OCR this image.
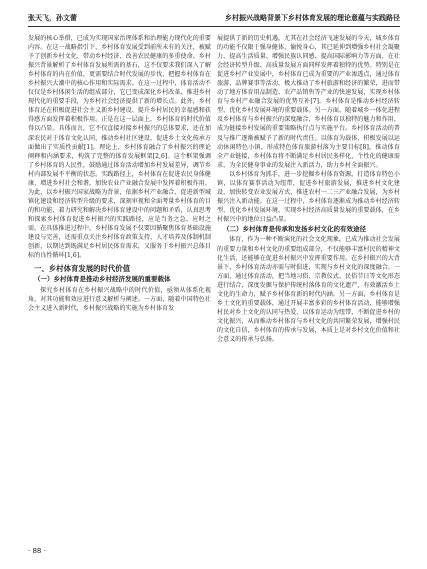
张天飞，孙文蕾	乡村振兴战略背景下乡村体育发展的理论意蕴与实践路径

发展的核心举措，已成为实现国家治理体系和治理能力现代化的重要内容。在这一战略指引下，乡村体育发展受到前所未有的关注，被赋予了创新乡村文化、带动乡村经济、改善农民健康的多重使命。乡村振兴背景解析了乡村体育发展所需的基石，这不仅要求我们深入了解乡村体育的内在价值，更需要结合时代发展的步伐，把握乡村体育在乡村振兴大潮中的核心作用和实际需求。在这一过程中，体育活动不仅仅是乡村体闲生活的组成部分，它已变成深化乡村改革、推进乡村现代化的重要手段，为乡村社会经济提供了新的增长点。此外，乡村体育还在积极促进社会主义新乡村建设、提升乡村居民的幸福感和获得感方面发挥着积极作用。正是在这一层面上，乡村体育的时代价值得以凸显。具体而言，它不仅直接对接乡村振兴的总体要求，还在加深农民对于体育文化认同、推动乡村社区建设、促进乡土文化传承方面做出了实质性贡献[1]。理论上，乡村体育融合了乡村振兴的理论阐释和内涵要求，构筑了完整的体育发展框架[2,6]。这个框架强调了乡村体育的人民性，鼓励通过体育活动增加乡村发展差异，调节乡村内部发展不平衡的状态。实践路径上，乡村体育在促进农民身体健康，增进乡村社会和谐，加快农业产业融合发展中发挥着积极作用。为此，以乡村振兴国家战略为背景，依据乡村产业融合、促进新型城镇化建设和经济转型升级的要求，深刻审视和全面考量乡村体育的目的和功能、着力研究和解决乡村体育建设中的问题和矛盾，认真思考和探索乡村体育促进乡村振兴的实践路径，应是当务之急、应时之需。在具体推进过程中，乡村体育发展不仅要因循聚焦体育基础设施建设与完善，还需重点关注乡村体育政策支持、人才培养及体制机制创新，以期达到既满足乡村居民体育需求，又服务于乡村振兴总体目标的良性循环[1,6]。

一、乡村体育发展的时代价值
（一）乡村体育是推动乡村经济发展的重要载体

探究乡村体育在乡村振兴战略中的时代价值，亟须从体系化视角，对其功能和效应进行意义解析与阐述。一方面，随着中国特色社会主义进入新时代，乡村振兴战略的实施为乡村体育发

展提供了新的历史机遇，尤其在社会经济飞速发展的今天，城乡体育的功能不仅限于强身健体、愉悦身心，其已延伸到增强乡村社会凝聚力、提高生活质量、增强民族认同感、提高国际影响力等方面，在社会经济转型升级、高质量发展方面同样发挥着独特的优势。特别是在促进乡村产业发展中，乡村体育已成为重要的产业渗透点，通过体育旅游、品牌赛事等活动，极大推动了乡村旅游和经济的繁荣，进而带动了地方体育用品制造、农产品销售等产业的快速发展，实现乡村体育与乡村产业融合发展的优势互补[7]。乡村体育是推动乡村经济转型、优化乡村发展环境的重要载体。另一方面，随着城乡一体化进程及乡村体育与乡村振兴的深度融合，乡村体育以独特的魅力和作用，成为链接乡村发展的重要策略执行点与实施平台。乡村体育活动的普及与推广逐渐被赋予了新的时代责任。以体育为载体，积极发展以运动休闲特色小镇、形成特色体育旅游村落为主要目标[8]，推动体育全产业链接，乡村体育将不断满足乡村居民多样化、个性化的健康需求，为全民健身事业的发展注入新活力，助力乡村全面振兴。

以乡村体育为抓手，进一步挖掘乡村体育资源，打造体育特色小镇，以体育赛事活动为纽带，促进乡村旅游发展，推进乡村文化建设，加快转变农业发展方式，推进农村一二三产业融合发展，为乡村振兴注入新动能。在这一过程中，乡村体育逐渐成为推动乡村经济转型、优化乡村发展环境、实现乡村经济高质量发展的重要载体，在乡村振兴中的地位日益凸显。

（二）乡村体育是传承和发扬乡村文化的有效途径

体育，作为一种不断演化的社会文化现象，已成为推动社会发展的重要力量和乡村文化的重要组成部分，不仅能够丰富村民的精神文化生活，还能够在促进乡村振兴中发挥重要作用。在乡村振兴的大背景下，乡村体育活动亦需与时俱进，实现与乡村文化的深度融合。一方面，通过体育活动，把当地习俗、宗教仪式、民俗节日等文化形态进行结合，深度发掘与保护传统村落体育的文化遗产，有效激活乡土文化的生命力，赋予乡村体育新的时代内涵。另一方面，乡村体育是乡土文化的重要载体，通过开展丰富多彩的乡村体育活动，能够增强村民对乡土文化的认同与热爱，以体育运动为纽带，不断促进乡村的文化振兴，从而推动乡村体育与乡村文化的共同繁荣发展，增强村民的文化自信，乡村体育的传承与发展，本质上是对乡村文化价值和社会意义的传承与弘扬。

· 88 ·
